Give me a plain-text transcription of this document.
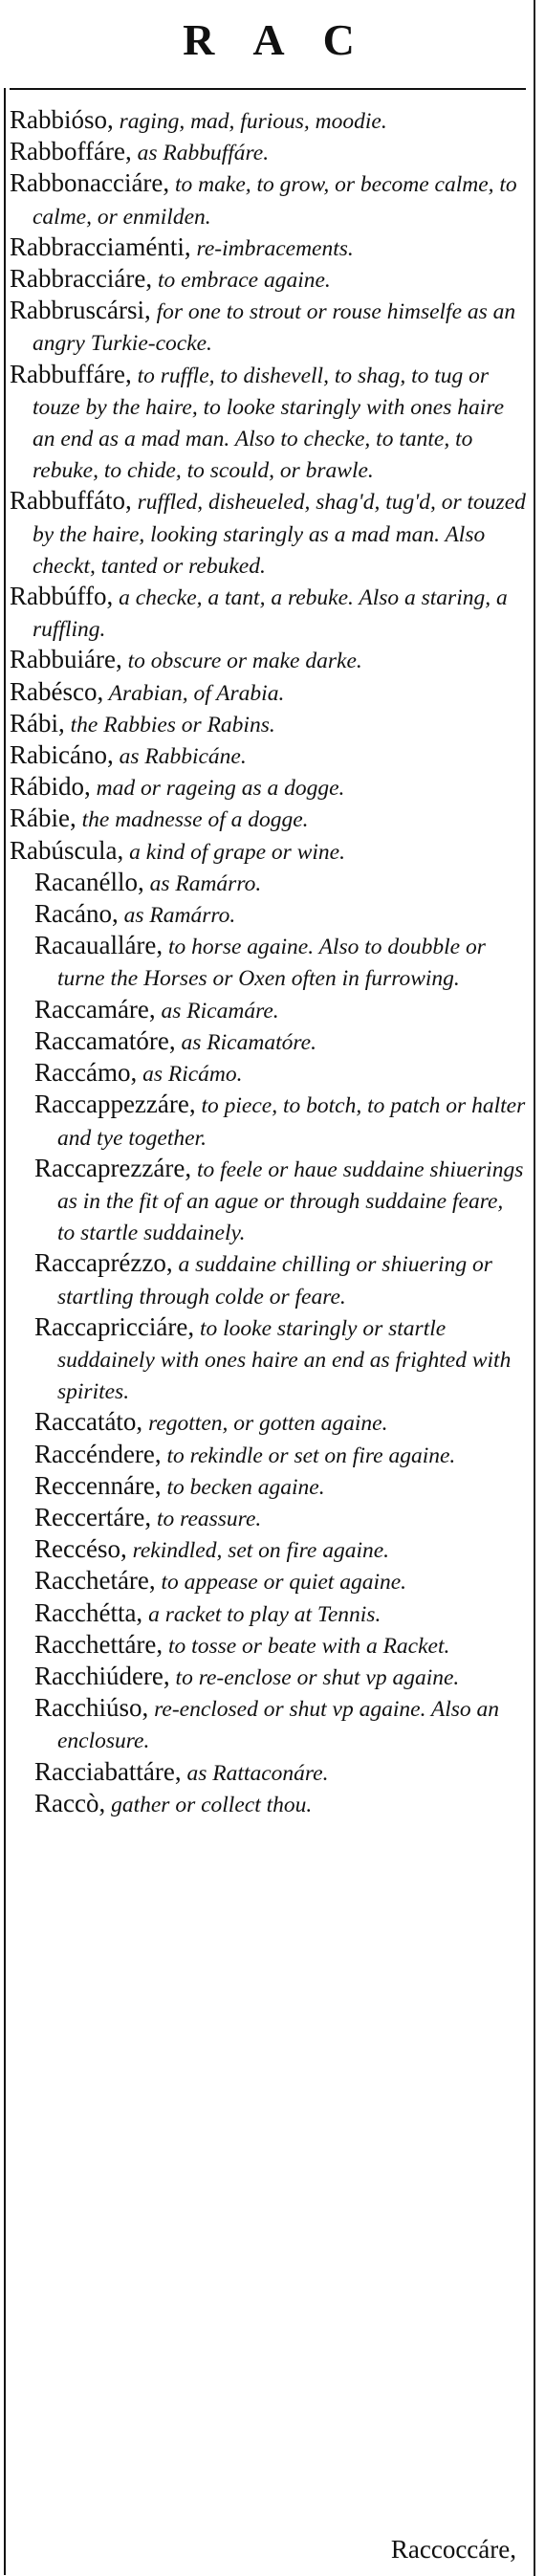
RAC

Rabbióso, raging, mad, furious, moodie.

Rabboffáre, as Rabbuffáre.

Rabbonacciáre, to make, to grow, or become calme, to calme, or enmilden.

Rabbracciaménti, re-imbracements.

Rabbracciáre, to embrace againe.

Rabbruscársi, for one to strout or rouse himselfe as an angry Turkie-cocke.

Rabbuffáre, to ruffle, to dishevell, to shag, to tug or touze by the haire, to looke staringly with ones haire an end as a mad man. Also to checke, to tante, to rebuke, to chide, to scould, or brawle.

Rabbuffáto, ruffled, disheueled, shag'd, tug'd, or touzed by the haire, looking staringly as a mad man. Also checkt, tanted or rebuked.

Rabbúffo, a checke, a tant, a rebuke. Also a staring, a ruffling.

Rabbuiáre, to obscure or make darke.

Rabésco, Arabian, of Arabia.

Rábi, the Rabbies or Rabins.

Rabicáno, as Rabbicáne.

Rábido, mad or rageing as a dogge.

Rábie, the madnesse of a dogge.

Rabúscula, a kind of grape or wine.

Racanéllo, as Ramárro.

Racáno, as Ramárro.

Racaualláre, to horse againe. Also to doubble or turne the Horses or Oxen often in furrowing.

Raccamáre, as Ricamáre.

Raccamatóre, as Ricamatóre.

Raccámo, as Ricámo.

Raccappezzáre, to piece, to botch, to patch or halter and tye together.

Raccaprezzáre, to feele or haue suddaine shiuerings as in the fit of an ague or through suddaine feare, to startle suddainely.

Raccaprézzo, a suddaine chilling or shiuering or startling through colde or feare.

Raccapricciáre, to looke staringly or startle suddainely with ones haire an end as frighted with spirites.

Raccatáto, regotten, or gotten againe.

Raccéndere, to rekindle or set on fire againe.

Reccennáre, to becken againe.

Reccertáre, to reassure.

Reccéso, rekindled, set on fire againe.

Racchetáre, to appease or quiet againe.

Racchétta, a racket to play at Tennis.

Racchettáre, to tosse or beate with a Racket.

Racchiúdere, to re-enclose or shut vp againe.

Racchiúso, re-enclosed or shut vp againe. Also an enclosure.

Racciabattáre, as Rattaconáre.

Raccò, gather or collect thou.

Raccoccáre,
